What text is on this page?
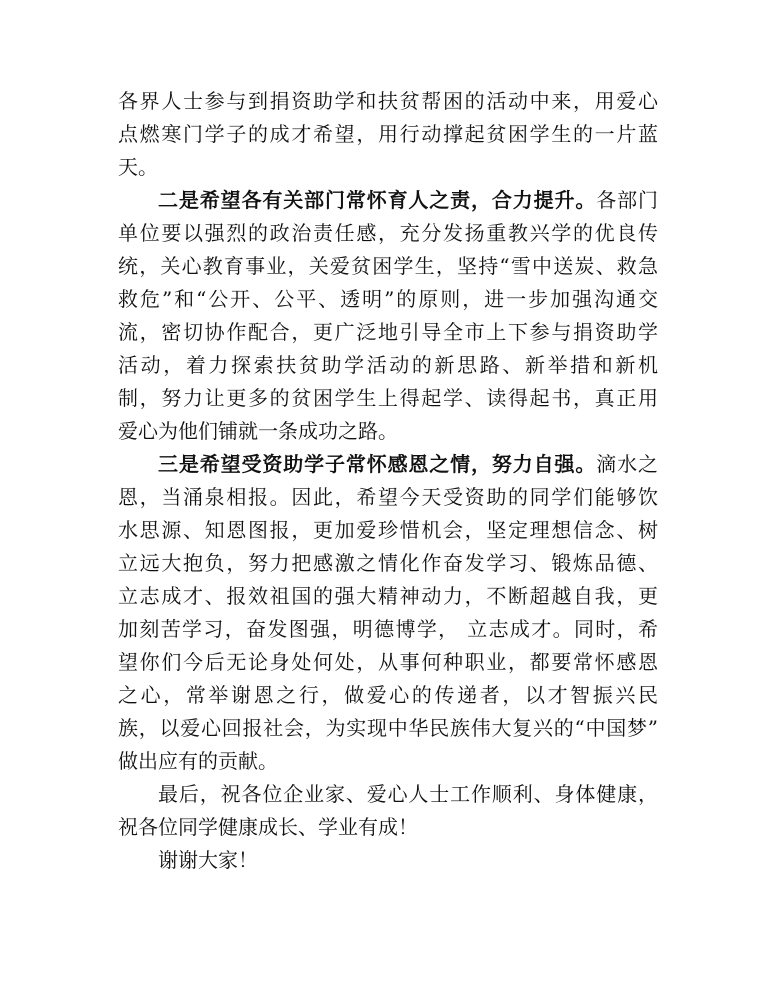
各界人士参与到捐资助学和扶贫帮困的活动中来，用爱心
点燃寒门学子的成才希望，用行动撑起贫困学生的一片蓝
天。
二是希望各有关部门常怀育人之责，合力提升。各部门
单位要以强烈的政治责任感，充分发扬重教兴学的优良传
统，关心教育事业，关爱贫困学生，坚持“雪中送炭、救急
救危”和“公开、公平、透明”的原则，进一步加强沟通交
流，密切协作配合，更广泛地引导全市上下参与捐资助学
活动，着力探索扶贫助学活动的新思路、新举措和新机
制，努力让更多的贫困学生上得起学、读得起书，真正用
爱心为他们铺就一条成功之路。
三是希望受资助学子常怀感恩之情，努力自强。滴水之
恩，当涌泉相报。因此，希望今天受资助的同学们能够饮
水思源、知恩图报，更加爱珍惜机会，坚定理想信念、树
立远大抱负，努力把感激之情化作奋发学习、锻炼品德、
立志成才、报效祖国的强大精神动力，不断超越自我，更
加刻苦学习，奋发图强，明德博学， 立志成才。同时，希
望你们今后无论身处何处，从事何种职业，都要常怀感恩
之心，常举谢恩之行，做爱心的传递者，以才智振兴民
族，以爱心回报社会，为实现中华民族伟大复兴的“中国梦”
做出应有的贡献。
最后，祝各位企业家、爱心人士工作顺利、身体健康，
祝各位同学健康成长、学业有成！
谢谢大家！
